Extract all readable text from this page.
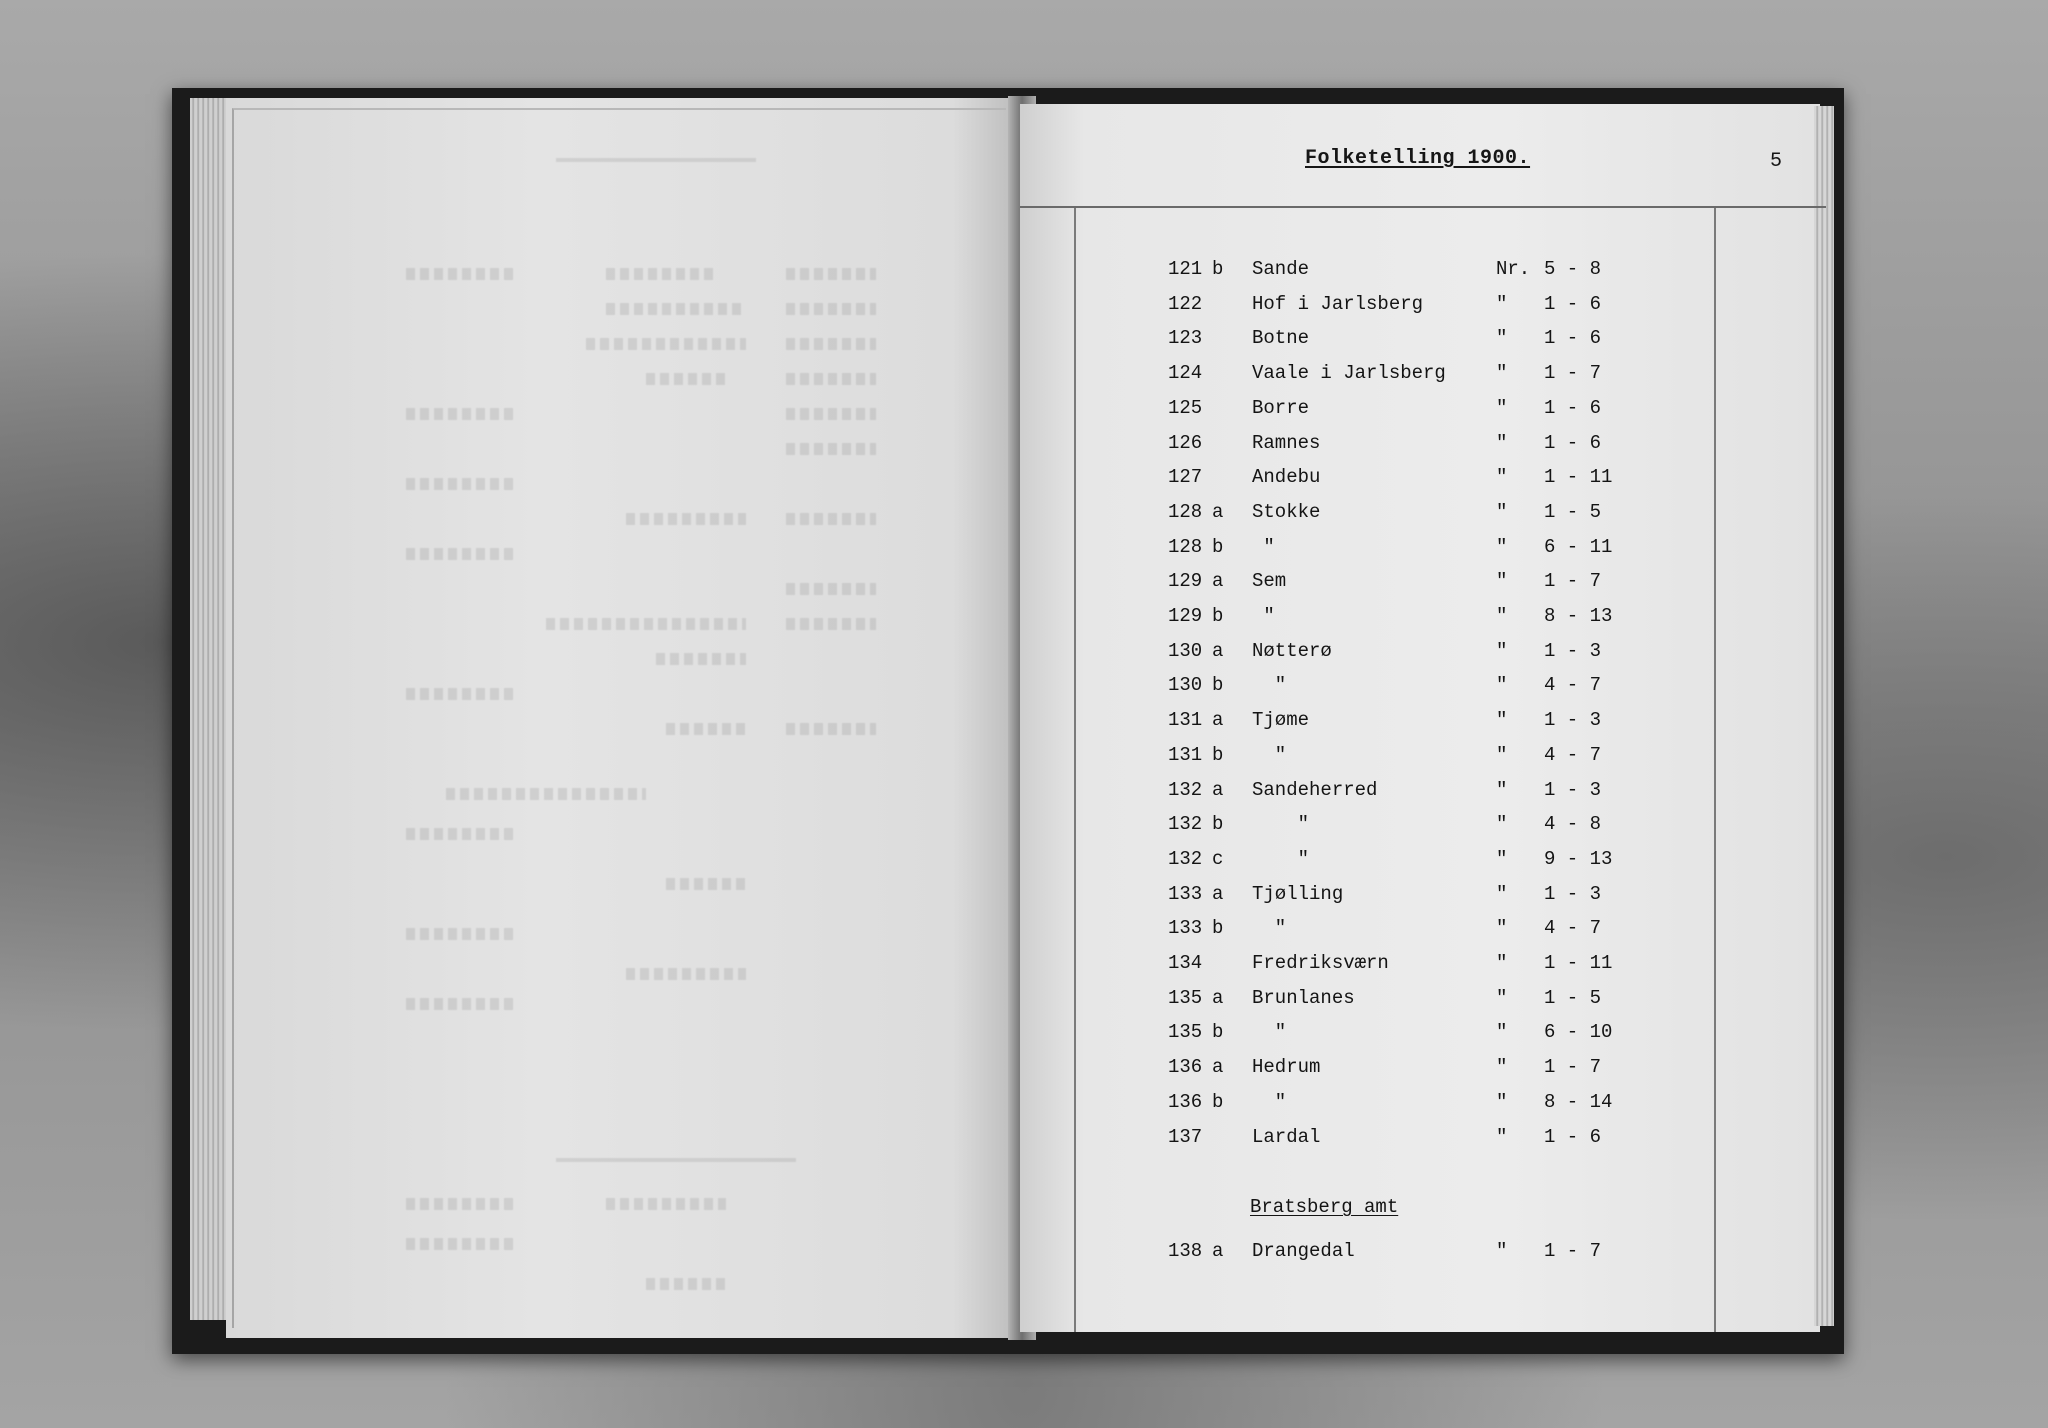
Folketelling 1900.	5
121 b	Sande	Nr. 5 - 8
122	Hof i Jarlsberg	"	1 - 6
123	Botne	"	1 - 6
124	Vaale i Jarlsberg	"	1 - 7
125	Borre	"	1 - 6
126	Ramnes	"	1 - 6
127	Andebu	"	1 - 11
128 a	Stokke	"	1 - 5
128 b	"	"	6 - 11
129 a	Sem	"	1 - 7
129 b	"	"	8 - 13
130 a	Nøtterø	"	1 - 3
130 b	"	"	4 - 7
131 a	Tjøme	"	1 - 3
131 b	"	"	4 - 7
132 a	Sandeherred	"	1 - 3
132 b	"	"	4 - 8
132 c	"	"	9 - 13
133 a	Tjølling	"	1 - 3
133 b	"	"	4 - 7
134	Fredriksværn	"	1 - 11
135 a	Brunlanes	"	1 - 5
135 b	"	"	6 - 10
136 a	Hedrum	"	1 - 7
136 b	"	"	8 - 14
137	Lardal	"	1 - 6
Bratsberg amt
138 a	Drangedal	"	1 - 7
